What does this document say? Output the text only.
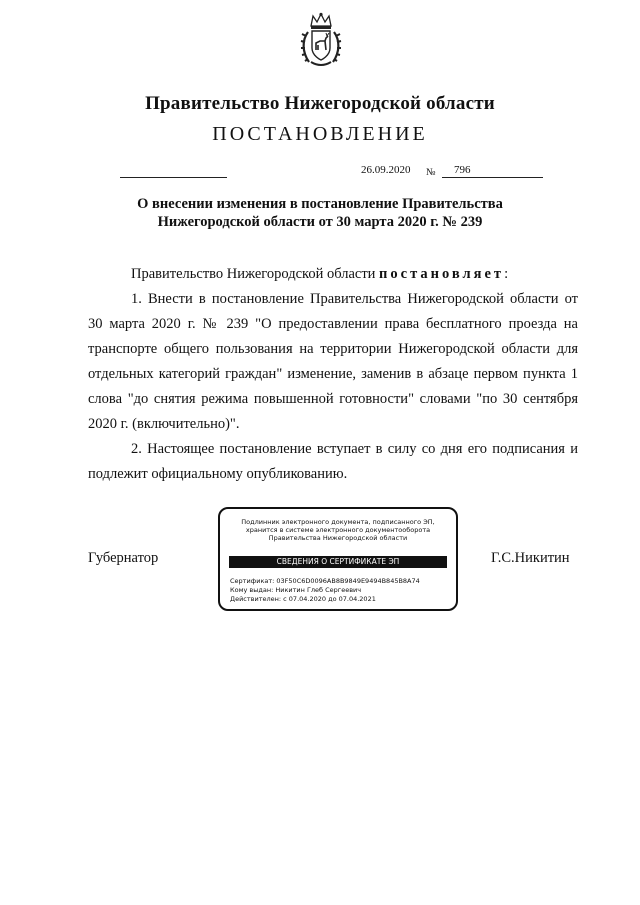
Правительство Нижегородской области
ПОСТАНОВЛЕНИЕ
26.09.2020 № 796
О внесении изменения в постановление Правительства
Нижегородской области от 30 марта 2020 г. № 239

Правительство Нижегородской области постановляет:

1. Внести в постановление Правительства Нижегородской области от 30 марта 2020 г. № 239 "О предоставлении права бесплатного проезда на транспорте общего пользования на территории Нижегородской области для отдельных категорий граждан" изменение, заменив в абзаце первом пункта 1 слова "до снятия режима повышенной готовности" словами "по 30 сентября 2020 г. (включительно)".

2. Настоящее постановление вступает в силу со дня его подписания и подлежит официальному опубликованию.

Губернатор
Подлинник электронного документа, подписанного ЭП,
хранится в системе электронного документооборота
Правительства Нижегородской области
СВЕДЕНИЯ О СЕРТИФИКАТЕ ЭП
Сертификат: 03F50C6D0096AB8B9849E9494B845B8A74
Кому выдан: Никитин Глеб Сергеевич
Действителен: с 07.04.2020 до 07.04.2021
Г.С.Никитин
